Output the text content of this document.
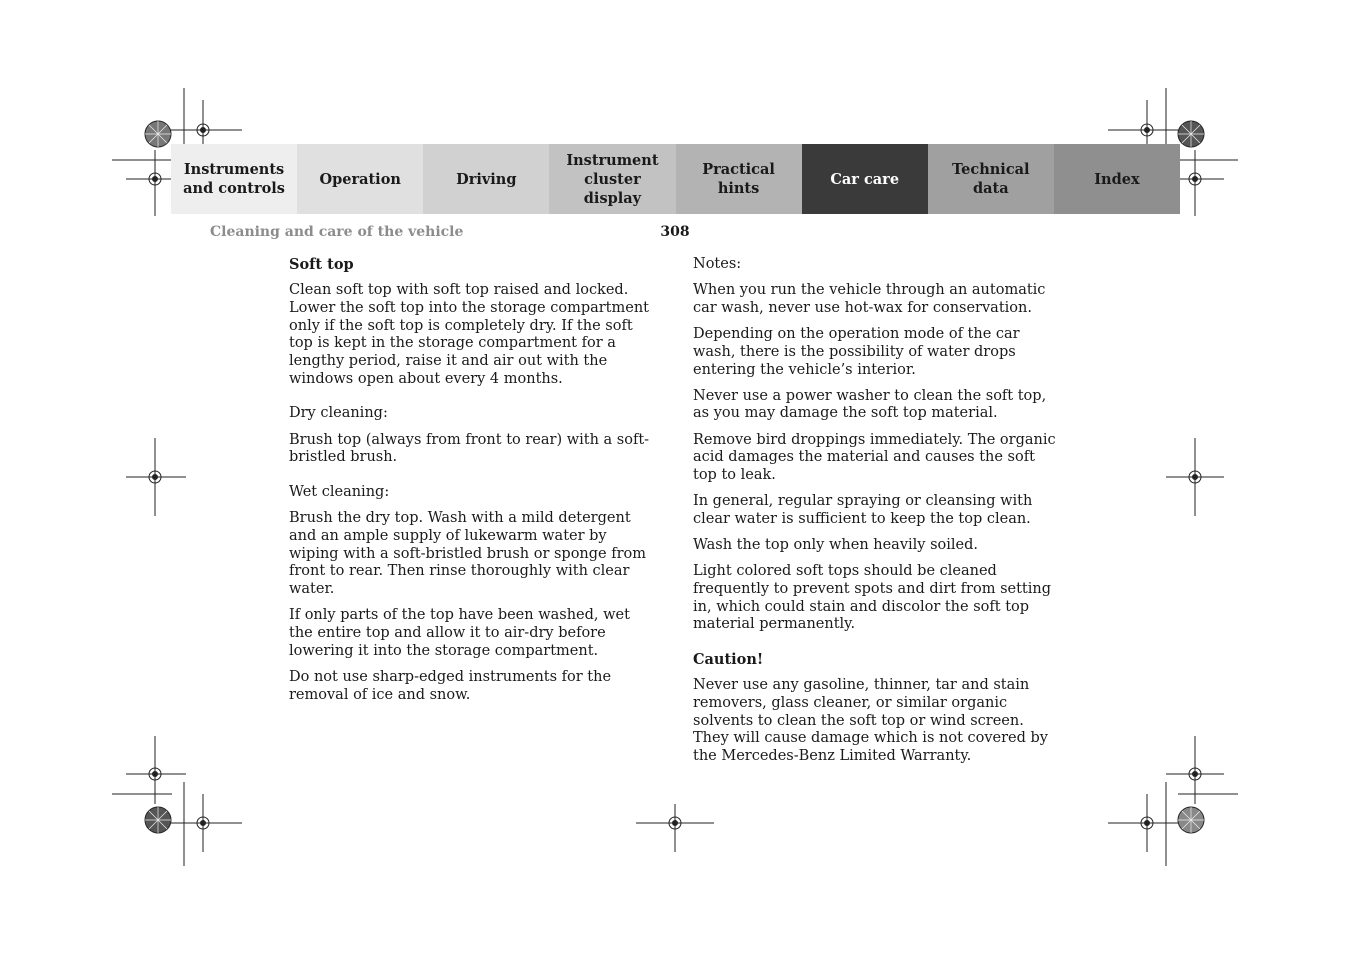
Instruments
and controls
Operation	Driving
Instrument
cluster display
Practical hints
Car care
Technical
data
Index
Cleaning and care of the vehicle	308

Soft top

Clean soft top with soft top raised and locked. Lower the soft top into the storage compartment only if the soft top is completely dry. If the soft top is kept in the storage compartment for a lengthy period, raise it and air out with the windows open about every 4 months.

Dry cleaning:

Brush top (always from front to rear) with a soft-bristled brush.

Wet cleaning:

Brush the dry top. Wash with a mild detergent and an ample supply of lukewarm water by wiping with a soft-bristled brush or sponge from front to rear. Then rinse thoroughly with clear water.

If only parts of the top have been washed, wet the entire top and allow it to air-dry before lowering it into the storage compartment.

Do not use sharp-edged instruments for the removal of ice and snow.

Notes:

When you run the vehicle through an automatic car wash, never use hot-wax for conservation.

Depending on the operation mode of the car wash, there is the possibility of water drops entering the vehicle’s interior.

Never use a power washer to clean the soft top, as you may damage the soft top material.

Remove bird droppings immediately. The organic acid damages the material and causes the soft top to leak.

In general, regular spraying or cleansing with clear water is sufficient to keep the top clean.

Wash the top only when heavily soiled.

Light colored soft tops should be cleaned frequently to prevent spots and dirt from setting in, which could stain and discolor the soft top material permanently.

Caution!

Never use any gasoline, thinner, tar and stain removers, glass cleaner, or similar organic solvents to clean the soft top or wind screen. They will cause damage which is not covered by the Mercedes-Benz Limited Warranty.
